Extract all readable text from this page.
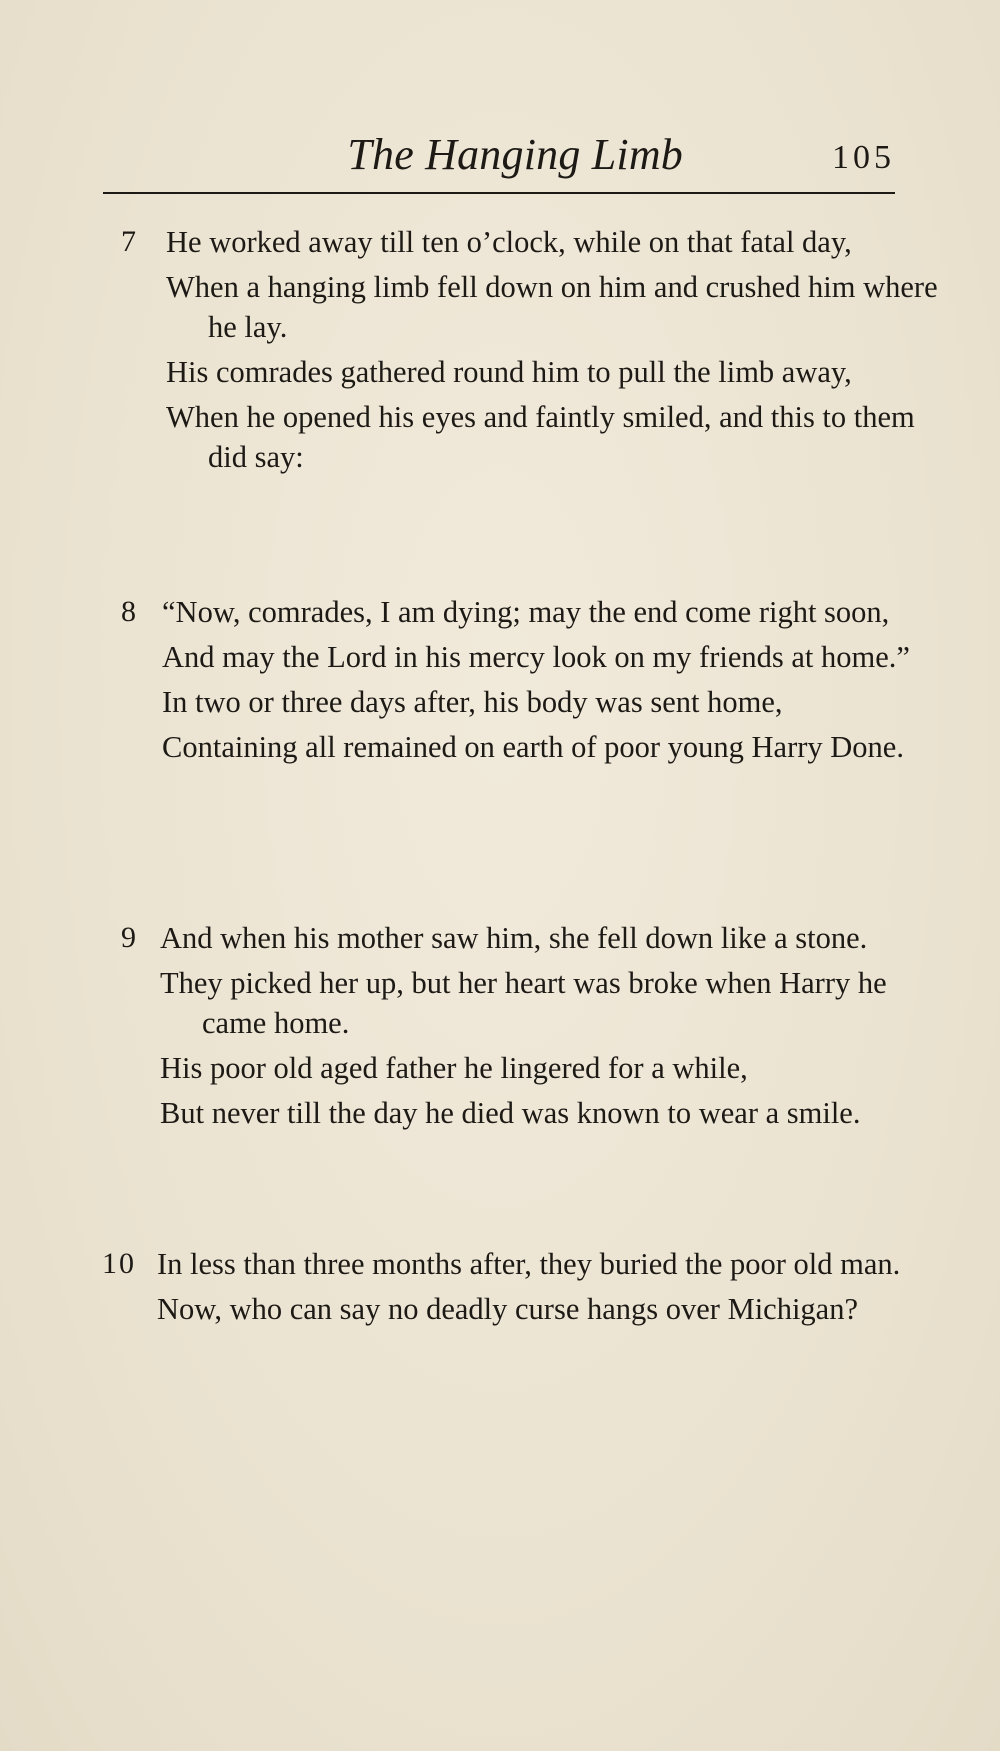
The Hanging Limb	105
7 He worked away till ten o’clock, while on that fatal day,

When a hanging limb fell down on him and crushed him where he lay.

His comrades gathered round him to pull the limb away,

When he opened his eyes and faintly smiled, and this to them did say:

8 “Now, comrades, I am dying; may the end come right soon,

And may the Lord in his mercy look on my friends at home.”

In two or three days after, his body was sent home,

Containing all remained on earth of poor young Harry Done.

9 And when his mother saw him, she fell down like a stone.

They picked her up, but her heart was broke when Harry he came home.

His poor old aged father he lingered for a while,

But never till the day he died was known to wear a smile.

10 In less than three months after, they buried the poor old man.

Now, who can say no deadly curse hangs over Michigan?
